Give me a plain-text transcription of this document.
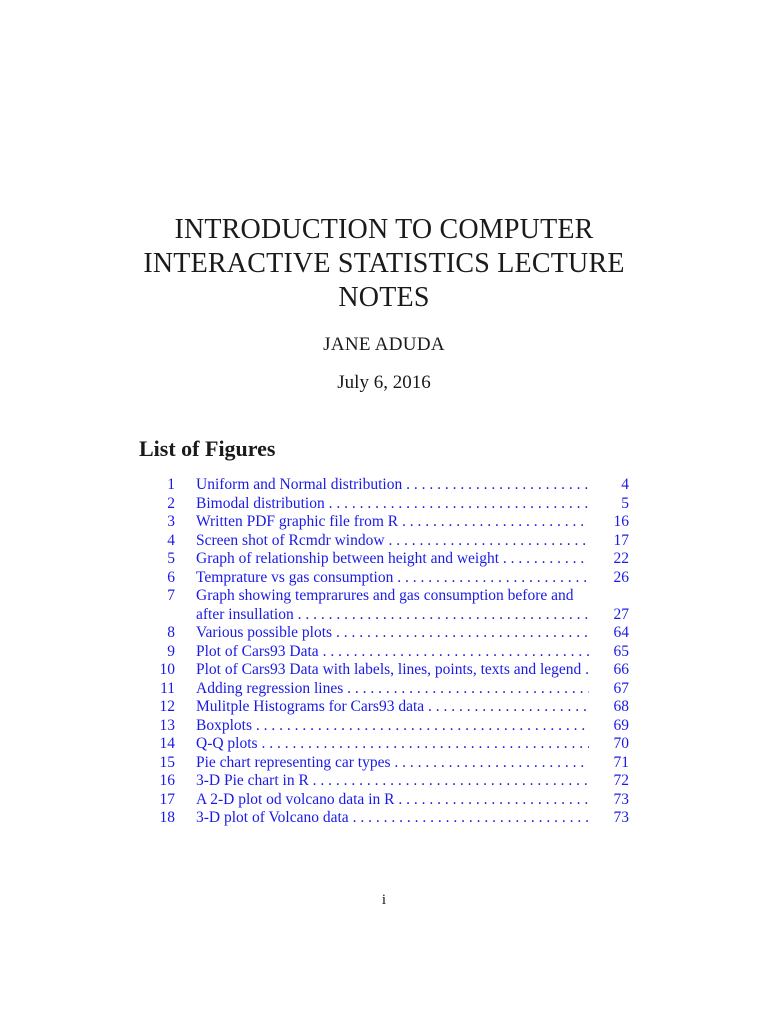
INTRODUCTION TO COMPUTER
INTERACTIVE STATISTICS LECTURE
NOTES
JANE ADUDA
July 6, 2016
List of Figures
1 Uniform and Normal distribution . . .	4
2 Bimodal distribution . . .	5
3 Written PDF graphic file from R . . .	16
4 Screen shot of Rcmdr window . . .	17
5 Graph of relationship between height and weight . . .	22
6 Temprature vs gas consumption . . .	26
7 Graph showing temprarures and gas consumption before and
after insullation . . .	27
8 Various possible plots . . .	64
9 Plot of Cars93 Data . . .	65
10 Plot of Cars93 Data with labels, lines, points, texts and legend . . .	66
11 Adding regression lines . . .	67
12 Mulitple Histograms for Cars93 data . . .	68
13 Boxplots . . .	69
14 Q-Q plots . . .	70
15 Pie chart representing car types . . .	71
16 3-D Pie chart in R . . .	72
17 A 2-D plot od volcano data in R . . .	73
18 3-D plot of Volcano data . . .	73
i
